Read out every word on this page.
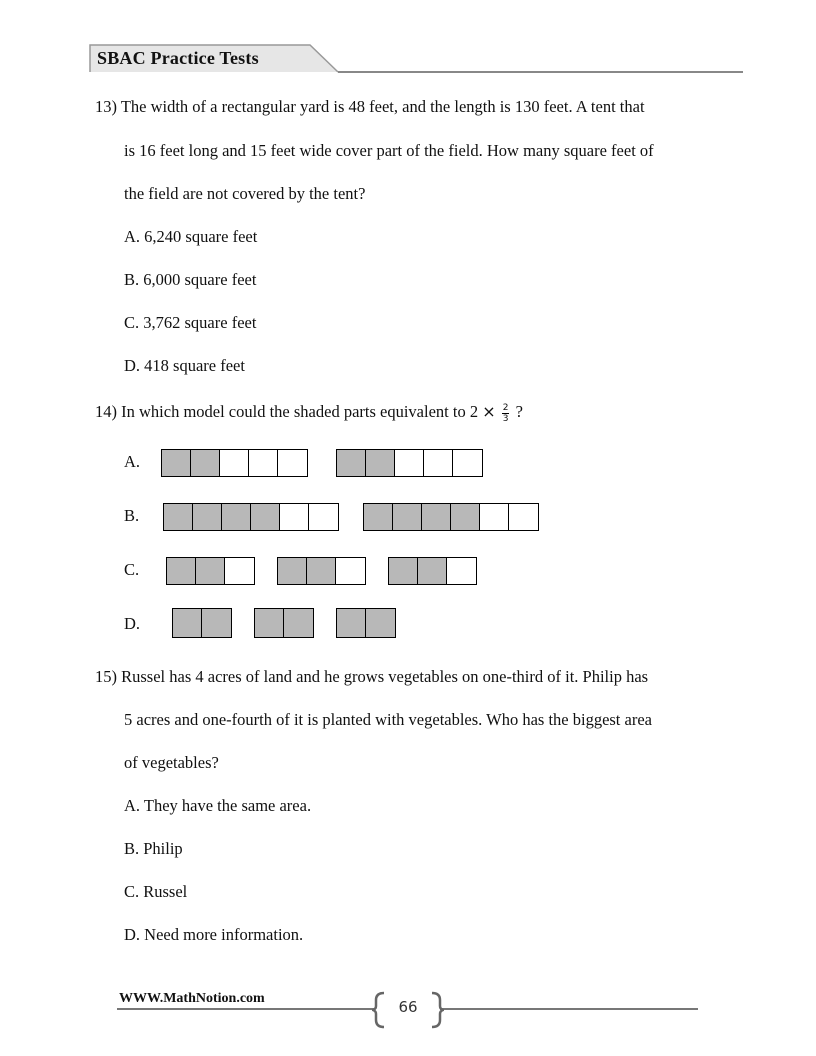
SBAC Practice Tests
13) The width of a rectangular yard is 48 feet, and the length is 130 feet. A tent that
is 16 feet long and 15 feet wide cover part of the field. How many square feet of
the field are not covered by the tent?
A. 6,240 square feet
B. 6,000 square feet
C. 3,762 square feet
D. 418 square feet
14) In which model could the shaded parts equivalent to $2 \times \frac{2}{3}$ ?
A.
B.
C.
D.
15) Russel has 4 acres of land and he grows vegetables on one-third of it. Philip has
5 acres and one-fourth of it is planted with vegetables. Who has the biggest area
of vegetables?
A. They have the same area.
B. Philip
C. Russel
D. Need more information.
WWW.MathNotion.com	66
